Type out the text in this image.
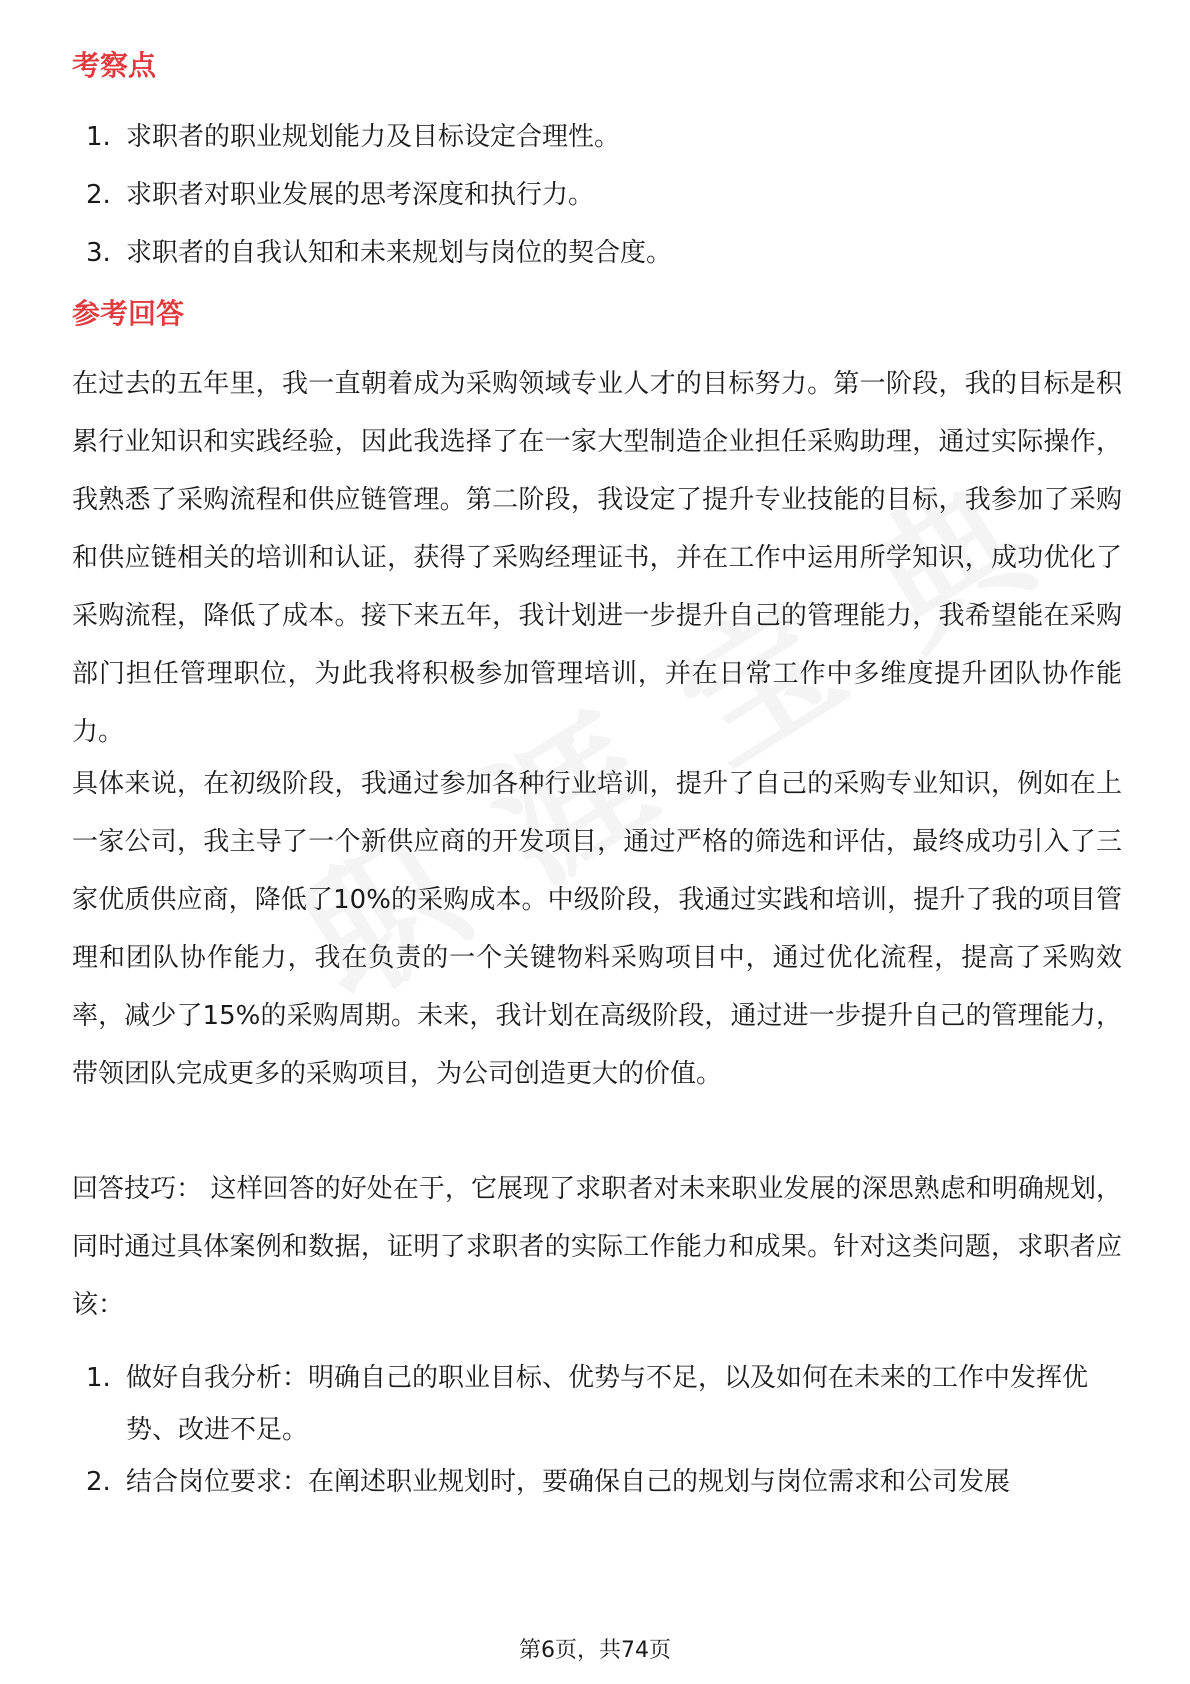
考察点
1. 求职者的职业规划能力及目标设定合理性。
2. 求职者对职业发展的思考深度和执行力。
3. 求职者的自我认知和未来规划与岗位的契合度。
参考回答

在过去的五年里，我一直朝着成为采购领域专业人才的目标努力。第一阶段，我的目标是积累行业知识和实践经验，因此我选择了在一家大型制造企业担任采购助理，通过实际操作，我熟悉了采购流程和供应链管理。第二阶段，我设定了提升专业技能的目标，我参加了采购和供应链相关的培训和认证，获得了采购经理证书，并在工作中运用所学知识，成功优化了采购流程，降低了成本。接下来五年，我计划进一步提升自己的管理能力，我希望能在采购部门担任管理职位，为此我将积极参加管理培训，并在日常工作中多维度提升团队协作能力。

具体来说，在初级阶段，我通过参加各种行业培训，提升了自己的采购专业知识，例如在上一家公司，我主导了一个新供应商的开发项目，通过严格的筛选和评估，最终成功引入了三家优质供应商，降低了10%的采购成本。中级阶段，我通过实践和培训，提升了我的项目管理和团队协作能力，我在负责的一个关键物料采购项目中，通过优化流程，提高了采购效率，减少了15%的采购周期。未来，我计划在高级阶段，通过进一步提升自己的管理能力，带领团队完成更多的采购项目，为公司创造更大的价值。

回答技巧： 这样回答的好处在于，它展现了求职者对未来职业发展的深思熟虑和明确规划，同时通过具体案例和数据，证明了求职者的实际工作能力和成果。针对这类问题，求职者应该：

1. 做好自我分析：明确自己的职业目标、优势与不足，以及如何在未来的工作中发挥优势、改进不足。
2. 结合岗位要求：在阐述职业规划时，要确保自己的规划与岗位需求和公司发展
第6页，共74页
